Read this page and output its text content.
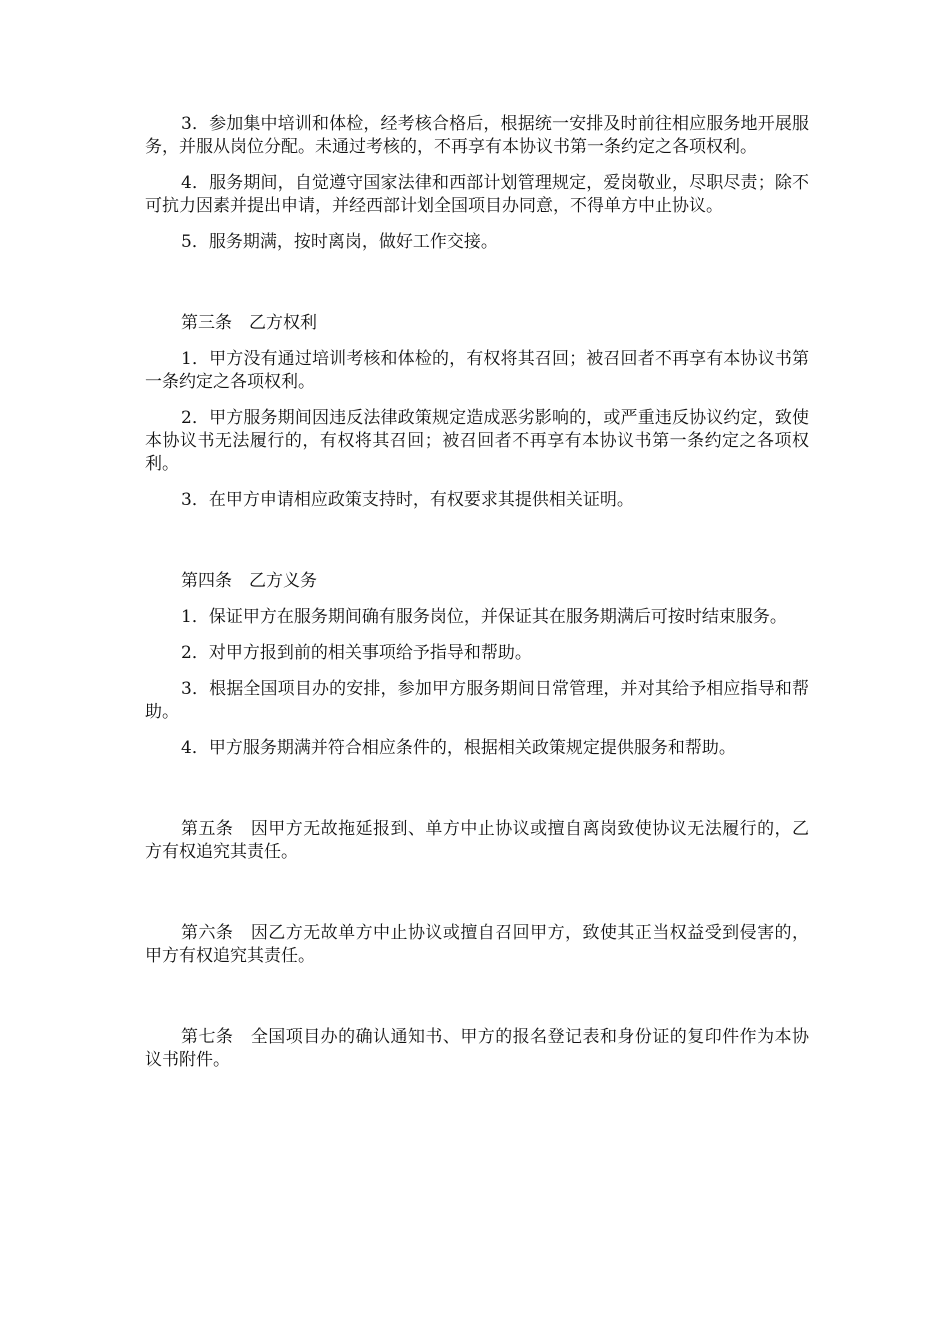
3．参加集中培训和体检，经考核合格后，根据统一安排及时前往相应服务地开展服务，并服从岗位分配。未通过考核的，不再享有本协议书第一条约定之各项权利。

4．服务期间，自觉遵守国家法律和西部计划管理规定，爱岗敬业，尽职尽责；除不可抗力因素并提出申请，并经西部计划全国项目办同意，不得单方中止协议。

5．服务期满，按时离岗，做好工作交接。

第三条　乙方权利

1．甲方没有通过培训考核和体检的，有权将其召回；被召回者不再享有本协议书第一条约定之各项权利。

2．甲方服务期间因违反法律政策规定造成恶劣影响的，或严重违反协议约定，致使本协议书无法履行的，有权将其召回；被召回者不再享有本协议书第一条约定之各项权利。

3．在甲方申请相应政策支持时，有权要求其提供相关证明。

第四条　乙方义务

1．保证甲方在服务期间确有服务岗位，并保证其在服务期满后可按时结束服务。

2．对甲方报到前的相关事项给予指导和帮助。

3．根据全国项目办的安排，参加甲方服务期间日常管理，并对其给予相应指导和帮助。

4．甲方服务期满并符合相应条件的，根据相关政策规定提供服务和帮助。

第五条　因甲方无故拖延报到、单方中止协议或擅自离岗致使协议无法履行的，乙方有权追究其责任。

第六条　因乙方无故单方中止协议或擅自召回甲方，致使其正当权益受到侵害的，甲方有权追究其责任。

第七条　全国项目办的确认通知书、甲方的报名登记表和身份证的复印件作为本协议书附件。
